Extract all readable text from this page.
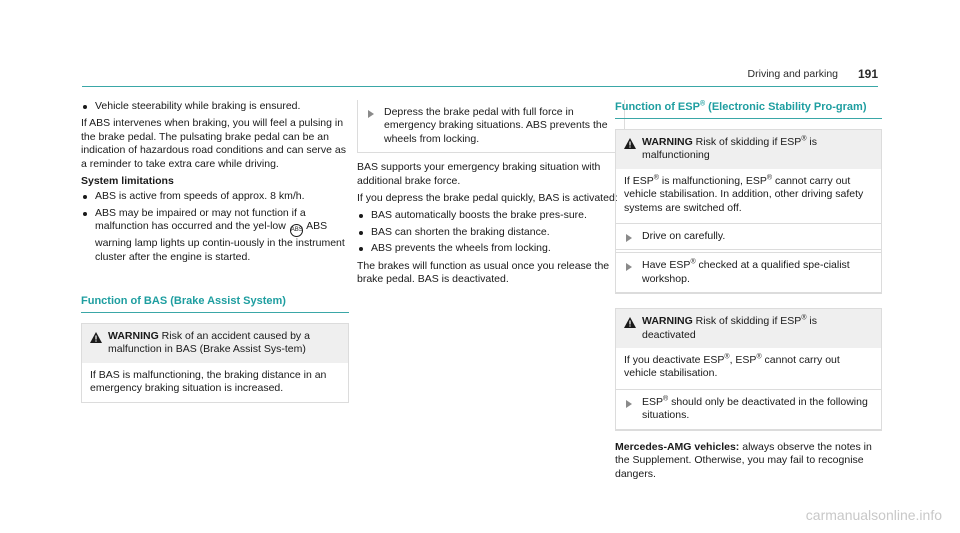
Driving and parking 191
Vehicle steerability while braking is ensured.

If ABS intervenes when braking, you will feel a pulsing in the brake pedal. The pulsating brake pedal can be an indication of hazardous road conditions and can serve as a reminder to take extra care while driving.

System limitations
ABS is active from speeds of approx. 8 km/h.
ABS may be impaired or may not function if a malfunction has occurred and the yel-low ABS ABS warning lamp lights up contin-uously in the instrument cluster after the engine is started.
Function of BAS (Brake Assist System)
WARNING Risk of an accident caused by a malfunction in BAS (Brake Assist Sys-tem)
If BAS is malfunctioning, the braking distance in an emergency braking situation is increased.
Depress the brake pedal with full force in emergency braking situations. ABS prevents the wheels from locking.

BAS supports your emergency braking situation with additional brake force.

If you depress the brake pedal quickly, BAS is activated:

BAS automatically boosts the brake pres-sure.
BAS can shorten the braking distance.
ABS prevents the wheels from locking.

The brakes will function as usual once you release the brake pedal. BAS is deactivated.

Function of ESP® (Electronic Stability Pro-gram)
WARNING Risk of skidding if ESP® is malfunctioning
If ESP® is malfunctioning, ESP® cannot carry out vehicle stabilisation. In addition, other driving safety systems are switched off.
Drive on carefully.
Have ESP® checked at a qualified spe-cialist workshop.
WARNING Risk of skidding if ESP® is deactivated
If you deactivate ESP®, ESP® cannot carry out vehicle stabilisation.
ESP® should only be deactivated in the following situations.

Mercedes-AMG vehicles: always observe the notes in the Supplement. Otherwise, you may fail to recognise dangers.

carmanualsonline.info
